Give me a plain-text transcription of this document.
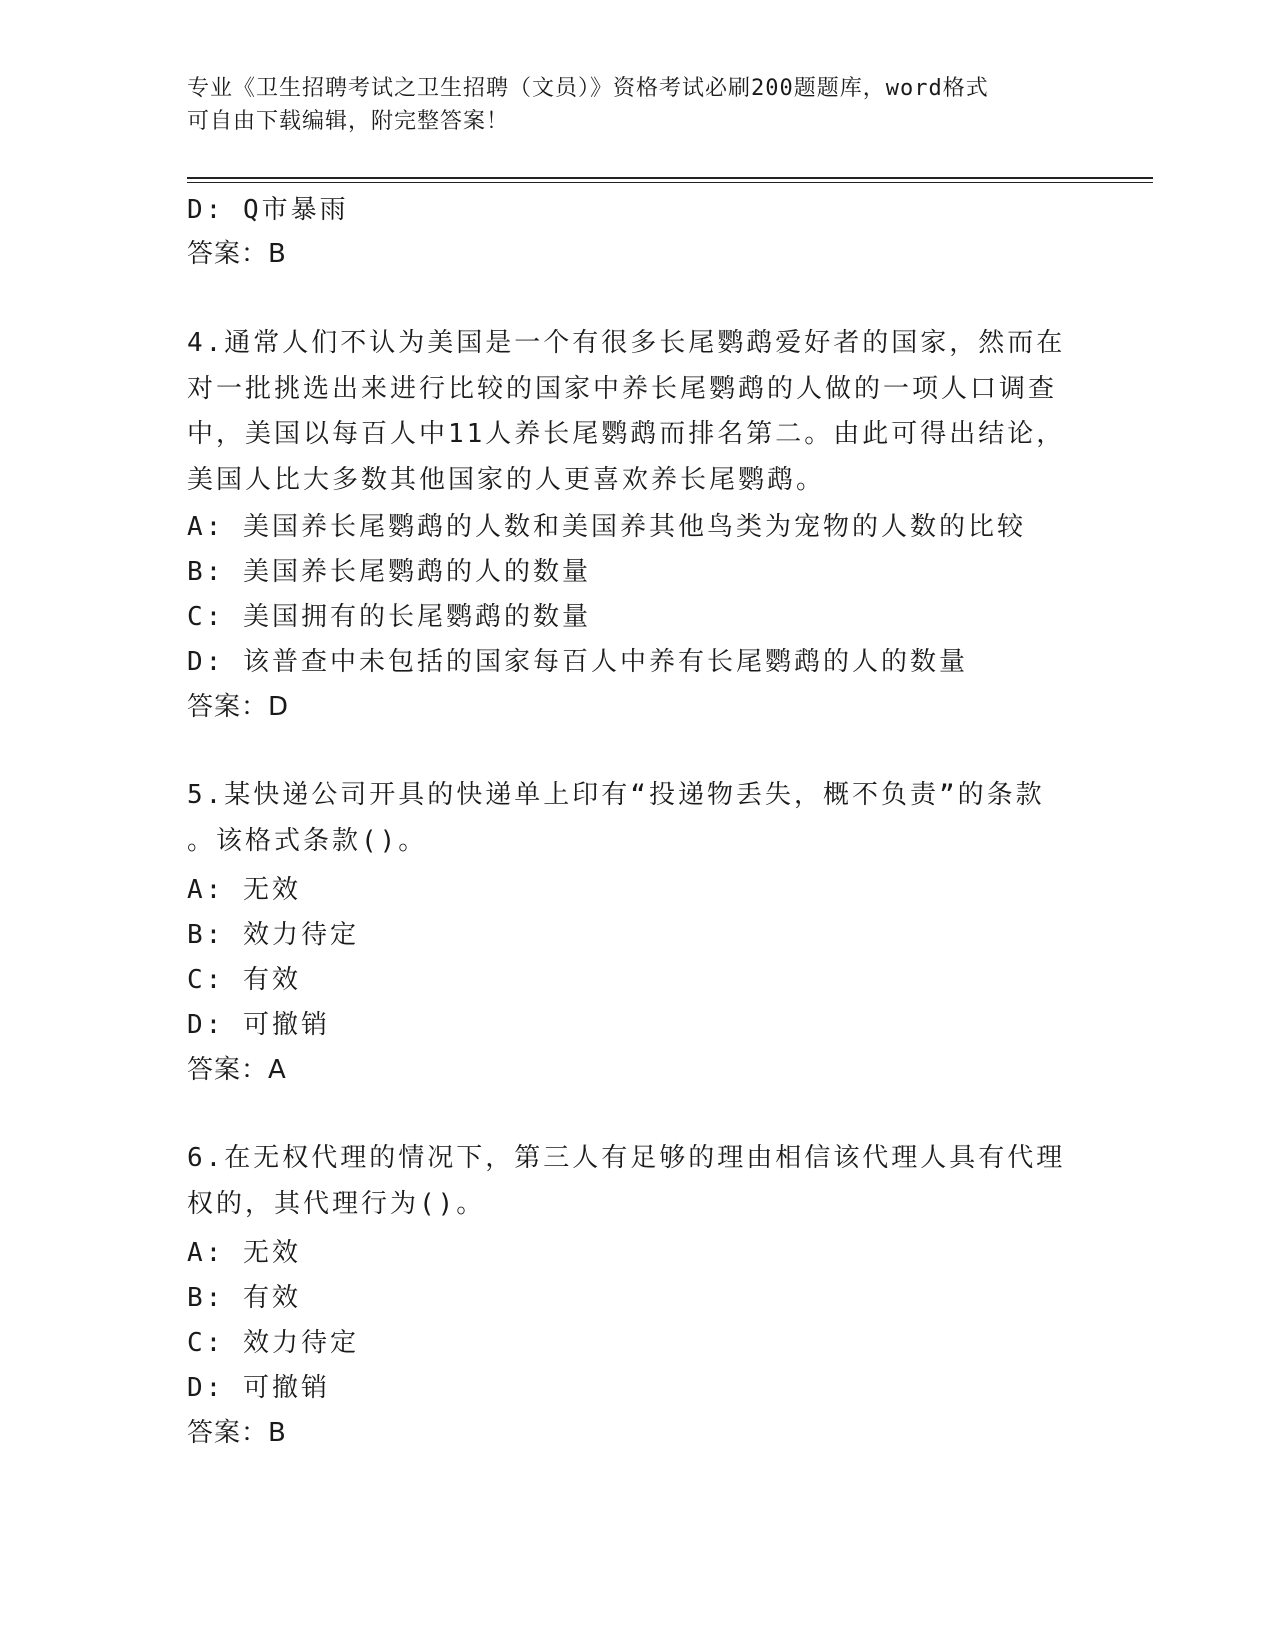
专业《卫生招聘考试之卫生招聘（文员）》资格考试必刷200题题库，word格式
可自由下载编辑，附完整答案！
D: Q市暴雨
答案：B
4.通常人们不认为美国是一个有很多长尾鹦鹉爱好者的国家，然而在
对一批挑选出来进行比较的国家中养长尾鹦鹉的人做的一项人口调查
中，美国以每百人中11人养长尾鹦鹉而排名第二。由此可得出结论，
美国人比大多数其他国家的人更喜欢养长尾鹦鹉。
A: 美国养长尾鹦鹉的人数和美国养其他鸟类为宠物的人数的比较
B: 美国养长尾鹦鹉的人的数量
C: 美国拥有的长尾鹦鹉的数量
D: 该普查中未包括的国家每百人中养有长尾鹦鹉的人的数量
答案：D
5.某快递公司开具的快递单上印有“投递物丢失，概不负责”的条款
。该格式条款()。
A: 无效
B: 效力待定
C: 有效
D: 可撤销
答案：A
6.在无权代理的情况下，第三人有足够的理由相信该代理人具有代理
权的，其代理行为()。
A: 无效
B: 有效
C: 效力待定
D: 可撤销
答案：B
